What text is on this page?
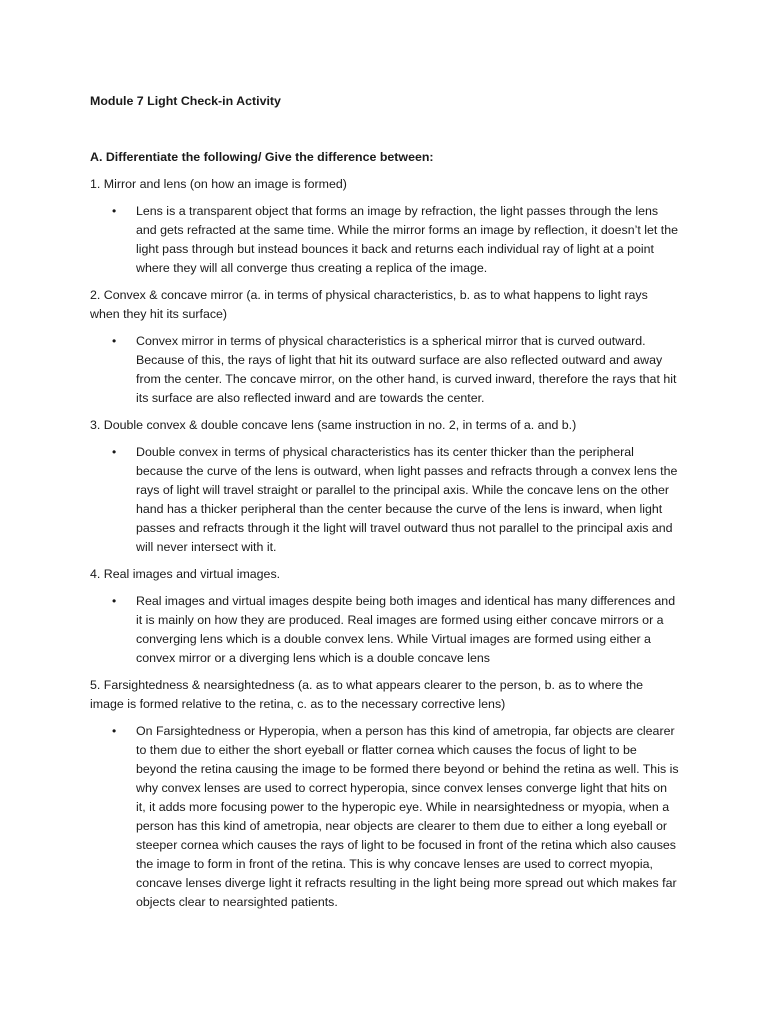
Module 7 Light Check-in Activity

A. Differentiate the following/ Give the difference between:

1. Mirror and lens (on how an image is formed)

• Lens is a transparent object that forms an image by refraction, the light passes through the lens and gets refracted at the same time. While the mirror forms an image by reflection, it doesn’t let the light pass through but instead bounces it back and returns each individual ray of light at a point where they will all converge thus creating a replica of the image.

2. Convex & concave mirror (a. in terms of physical characteristics, b. as to what happens to light rays when they hit its surface)

• Convex mirror in terms of physical characteristics is a spherical mirror that is curved outward. Because of this, the rays of light that hit its outward surface are also reflected outward and away from the center. The concave mirror, on the other hand, is curved inward, therefore the rays that hit its surface are also reflected inward and are towards the center.

3. Double convex & double concave lens (same instruction in no. 2, in terms of a. and b.)

• Double convex in terms of physical characteristics has its center thicker than the peripheral because the curve of the lens is outward, when light passes and refracts through a convex lens the rays of light will travel straight or parallel to the principal axis. While the concave lens on the other hand has a thicker peripheral than the center because the curve of the lens is inward, when light passes and refracts through it the light will travel outward thus not parallel to the principal axis and will never intersect with it.

4. Real images and virtual images.

• Real images and virtual images despite being both images and identical has many differences and it is mainly on how they are produced. Real images are formed using either concave mirrors or a converging lens which is a double convex lens. While Virtual images are formed using either a convex mirror or a diverging lens which is a double concave lens

5. Farsightedness & nearsightedness (a. as to what appears clearer to the person, b. as to where the image is formed relative to the retina, c. as to the necessary corrective lens)

• On Farsightedness or Hyperopia, when a person has this kind of ametropia, far objects are clearer to them due to either the short eyeball or flatter cornea which causes the focus of light to be beyond the retina causing the image to be formed there beyond or behind the retina as well. This is why convex lenses are used to correct hyperopia, since convex lenses converge light that hits on it, it adds more focusing power to the hyperopic eye. While in nearsightedness or myopia, when a person has this kind of ametropia, near objects are clearer to them due to either a long eyeball or steeper cornea which causes the rays of light to be focused in front of the retina which also causes the image to form in front of the retina. This is why concave lenses are used to correct myopia, concave lenses diverge light it refracts resulting in the light being more spread out which makes far objects clear to nearsighted patients.
